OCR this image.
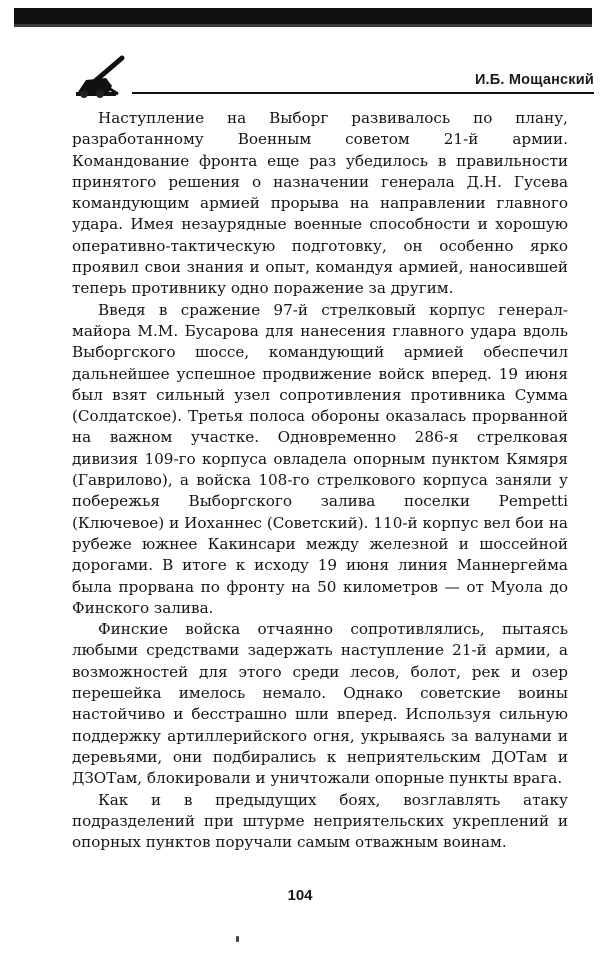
И.Б. Мощанский

Наступление на Выборг развивалось по плану, разработанному Военным советом 21-й армии. Командование фронта еще раз убедилось в правильности принятого решения о назначении генерала Д.Н. Гусева командующим армией прорыва на направлении главного удара. Имея незаурядные военные способности и хорошую оперативно-тактическую подготовку, он особенно ярко проявил свои знания и опыт, командуя армией, наносившей теперь противнику одно поражение за другим.

Введя в сражение 97-й стрелковый корпус генерал-майора М.М. Бусарова для нанесения главного удара вдоль Выборгского шоссе, командующий армией обеспечил дальнейшее успешное продвижение войск вперед. 19 июня был взят сильный узел сопротивления противника Сумма (Солдатское). Третья полоса обороны оказалась прорванной на важном участке. Одновременно 286-я стрелковая дивизия 109-го корпуса овладела опорным пунктом Кямяря (Гаврилово), а войска 108-го стрелкового корпуса заняли у побережья Выборгского залива поселки Рempetti (Ключевое) и Иоханнес (Советский). 110-й корпус вел бои на рубеже южнее Какинсари между железной и шоссейной дорогами. В итоге к исходу 19 июня линия Маннергейма была прорвана по фронту на 50 километров — от Муола до Финского залива.

Финские войска отчаянно сопротивлялись, пытаясь любыми средствами задержать наступление 21-й армии, а возможностей для этого среди лесов, болот, рек и озер перешейка имелось немало. Однако советские воины настойчиво и бесстрашно шли вперед. Используя сильную поддержку артиллерийского огня, укрываясь за валунами и деревьями, они подбирались к неприятельским ДОТам и ДЗОТам, блокировали и уничтожали опорные пункты врага.

Как и в предыдущих боях, возглавлять атаку подразделений при штурме неприятельских укреплений и опорных пунктов поручали самым отважным воинам.

104
